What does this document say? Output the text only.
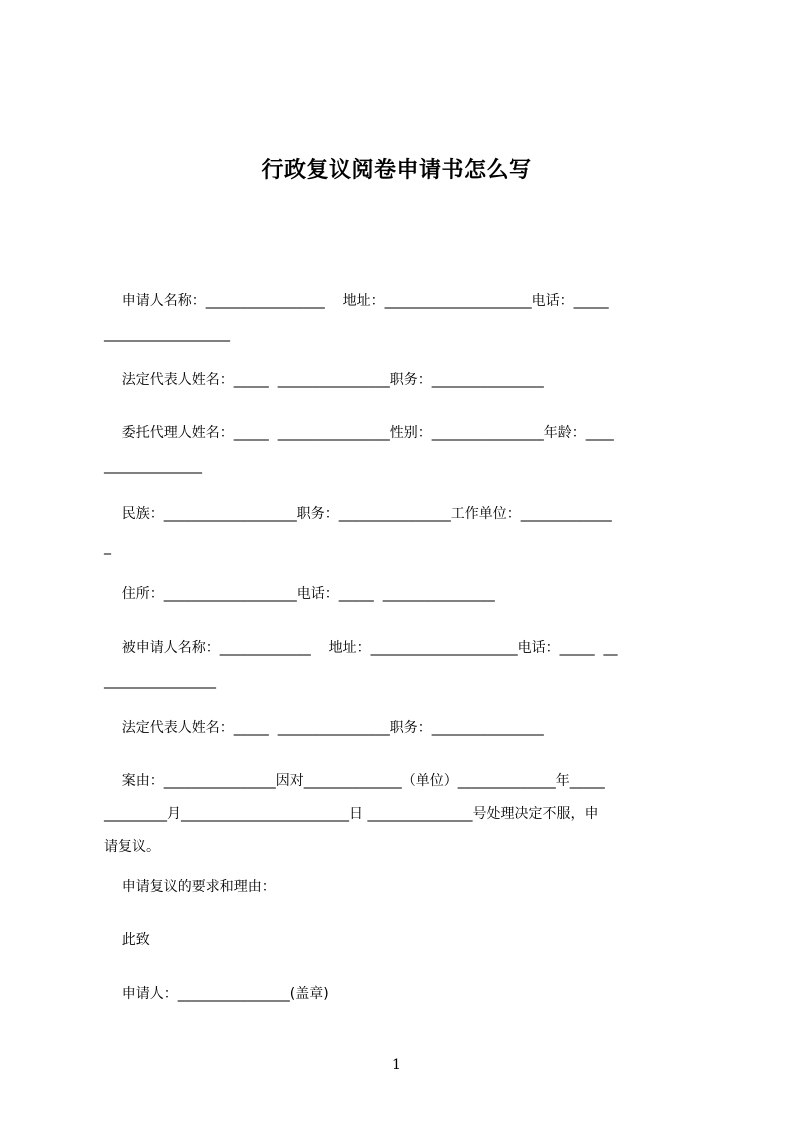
行政复议阅卷申请书怎么写
申请人名称：_________________    地址：_____________________电话：_____
__________________
法定代表人姓名：_____  ________________职务：________________
委托代理人姓名：_____  ________________性别：________________年龄：____
______________
民族：___________________职务：________________工作单位：_____________
_
住所：___________________电话：_____  ________________
被申请人名称：_____________    地址：_____________________电话：_____  __
________________
法定代表人姓名：_____  ________________职务：________________
案由：________________因对______________（单位）______________年_____
_________月________________________日 _______________号处理决定不服，申
请复议。
申请复议的要求和理由：
此致
申请人：________________(盖章)
1
